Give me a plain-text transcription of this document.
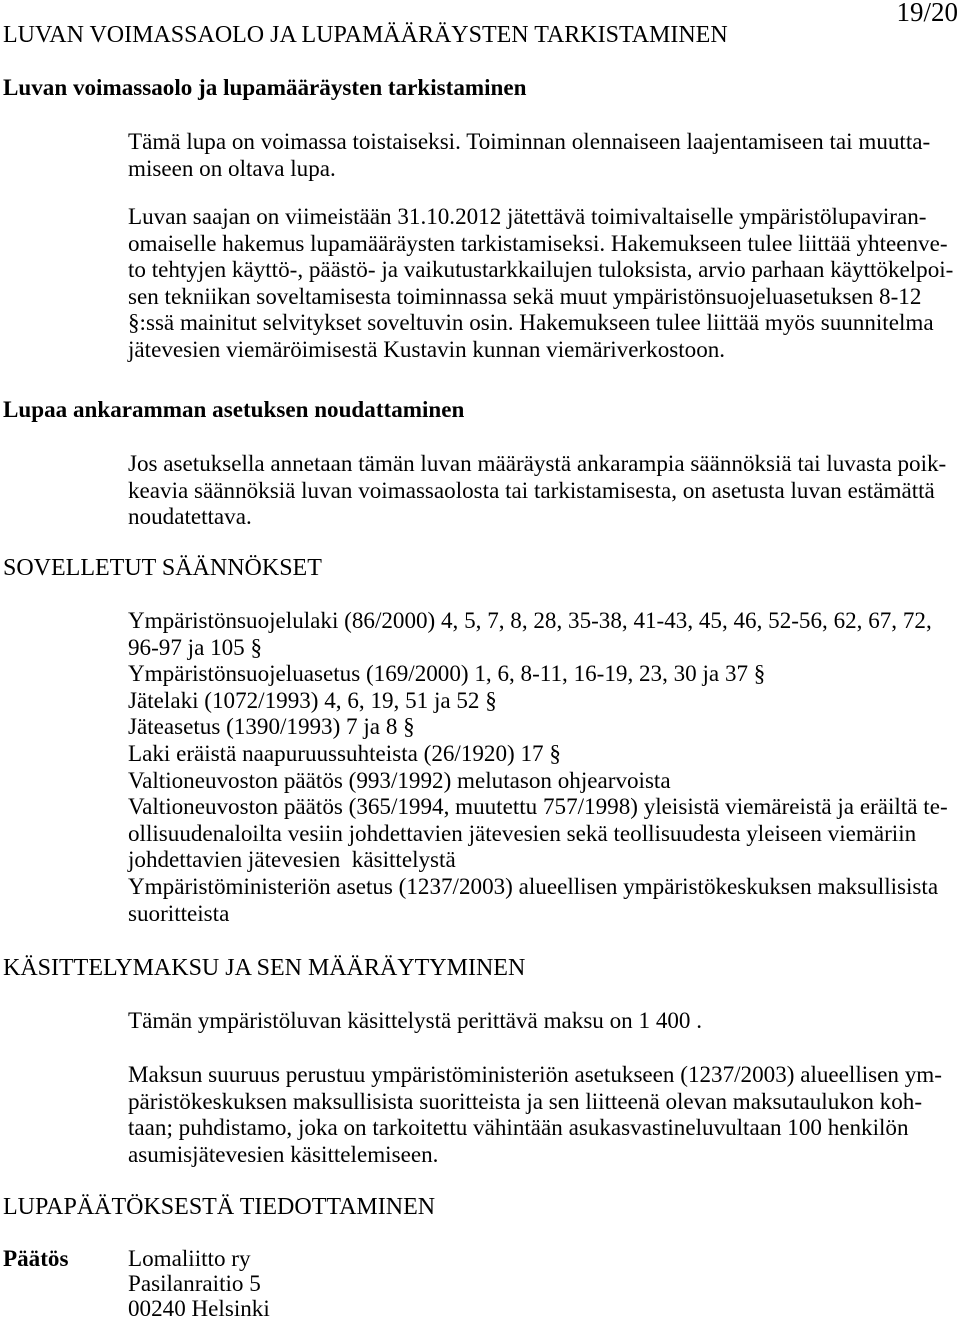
19/20
LUVAN VOIMASSAOLO JA LUPAMÄÄRÄYSTEN TARKISTAMINEN
Luvan voimassaolo ja lupamääräysten tarkistaminen
Tämä lupa on voimassa toistaiseksi. Toiminnan olennaiseen laajentamiseen tai muutta-
miseen on oltava lupa.
Luvan saajan on viimeistään 31.10.2012 jätettävä toimivaltaiselle ympäristölupaviran-
omaiselle hakemus lupamääräysten tarkistamiseksi. Hakemukseen tulee liittää yhteenve-
to tehtyjen käyttö-, päästö- ja vaikutustarkkailujen tuloksista, arvio parhaan käyttökelpoi-
sen tekniikan soveltamisesta toiminnassa sekä muut ympäristönsuojeluasetuksen 8-12
§:ssä mainitut selvitykset soveltuvin osin. Hakemukseen tulee liittää myös suunnitelma
jätevesien viemäröimisestä Kustavin kunnan viemäriverkostoon.
Lupaa ankaramman asetuksen noudattaminen
Jos asetuksella annetaan tämän luvan määräystä ankarampia säännöksiä tai luvasta poik-
keavia säännöksiä luvan voimassaolosta tai tarkistamisesta, on asetusta luvan estämättä
noudatettava.
SOVELLETUT SÄÄNNÖKSET
Ympäristönsuojelulaki (86/2000) 4, 5, 7, 8, 28, 35-38, 41-43, 45, 46, 52-56, 62, 67, 72,
96-97 ja 105 §
Ympäristönsuojeluasetus (169/2000) 1, 6, 8-11, 16-19, 23, 30 ja 37 §
Jätelaki (1072/1993) 4, 6, 19, 51 ja 52 §
Jäteasetus (1390/1993) 7 ja 8 §
Laki eräistä naapuruussuhteista (26/1920) 17 §
Valtioneuvoston päätös (993/1992) melutason ohjearvoista
Valtioneuvoston päätös (365/1994, muutettu 757/1998) yleisistä viemäreistä ja eräiltä te-
ollisuudenaloilta vesiin johdettavien jätevesien sekä teollisuudesta yleiseen viemäriin
johdettavien jätevesien  käsittelystä
Ympäristöministeriön asetus (1237/2003) alueellisen ympäristökeskuksen maksullisista
suoritteista
KÄSITTELYMAKSU JA SEN MÄÄRÄYTYMINEN
Tämän ympäristöluvan käsittelystä perittävä maksu on 1 400 .
Maksun suuruus perustuu ympäristöministeriön asetukseen (1237/2003) alueellisen ym-
päristökeskuksen maksullisista suoritteista ja sen liitteenä olevan maksutaulukon koh-
taan; puhdistamo, joka on tarkoitettu vähintään asukasvastineluvultaan 100 henkilön
asumisjätevesien käsittelemiseen.
LUPAPÄÄTÖKSESTÄ TIEDOTTAMINEN
Päätös	Lomaliitto ry
Pasilanraitio 5
00240 Helsinki
